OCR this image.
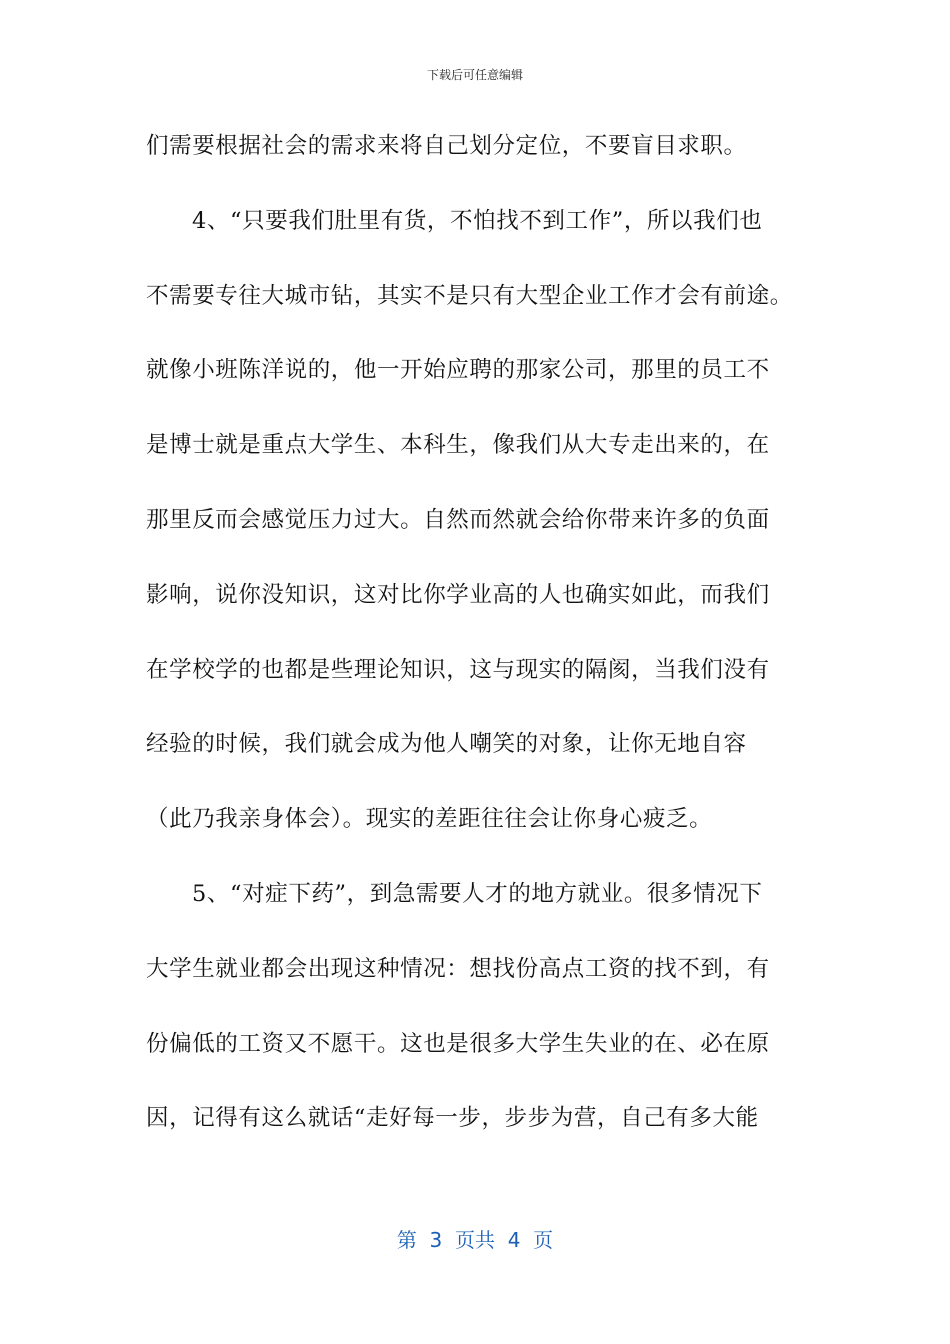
下载后可任意编辑
们需要根据社会的需求来将自己划分定位，不要盲目求职。
4、“只要我们肚里有货，不怕找不到工作”，所以我们也
不需要专往大城市钻，其实不是只有大型企业工作才会有前途。
就像小班陈洋说的，他一开始应聘的那家公司，那里的员工不
是博士就是重点大学生、本科生，像我们从大专走出来的，在
那里反而会感觉压力过大。自然而然就会给你带来许多的负面
影响，说你没知识，这对比你学业高的人也确实如此，而我们
在学校学的也都是些理论知识，这与现实的隔阂，当我们没有
经验的时候，我们就会成为他人嘲笑的对象，让你无地自容
（此乃我亲身体会）。现实的差距往往会让你身心疲乏。
5、“对症下药”，到急需要人才的地方就业。很多情况下
大学生就业都会出现这种情况：想找份高点工资的找不到，有
份偏低的工资又不愿干。这也是很多大学生失业的在、必在原
因，记得有这么就话“走好每一步，步步为营，自己有多大能
第  3  页共  4  页
